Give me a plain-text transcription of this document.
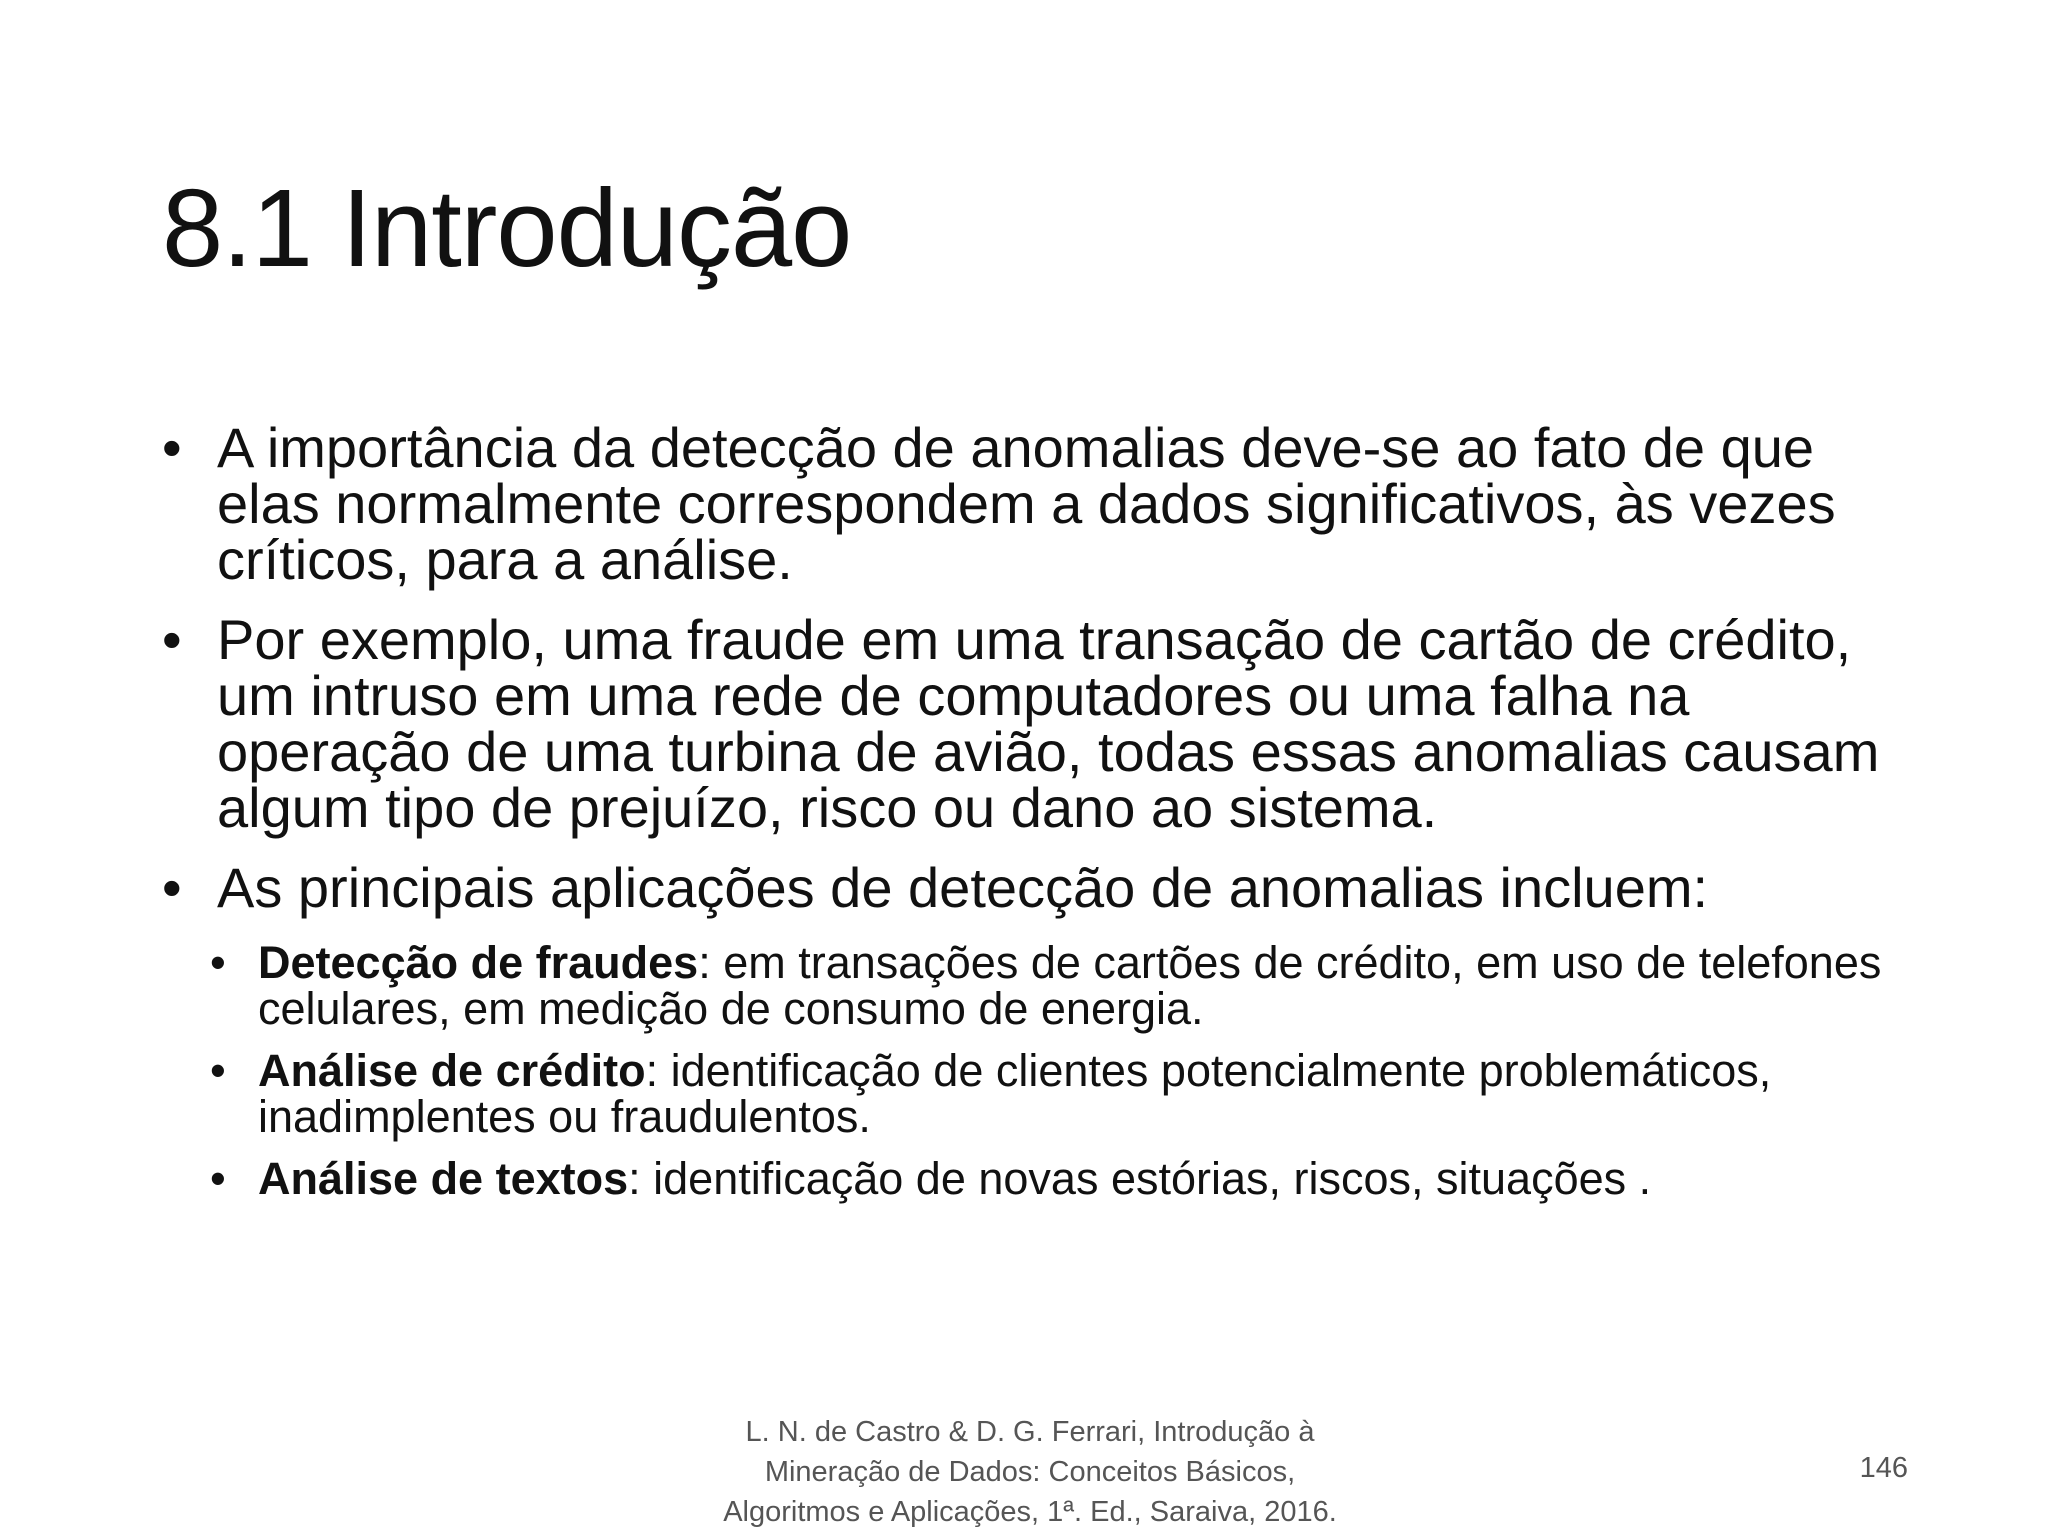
8.1 Introdução
• A importância da detecção de anomalias deve-se ao fato de que elas normalmente correspondem a dados significativos, às vezes críticos, para a análise.
• Por exemplo, uma fraude em uma transação de cartão de crédito, um intruso em uma rede de computadores ou uma falha na operação de uma turbina de avião, todas essas anomalias causam algum tipo de prejuízo, risco ou dano ao sistema.
• As principais aplicações de detecção de anomalias incluem:
• Detecção de fraudes: em transações de cartões de crédito, em uso de telefones celulares, em medição de consumo de energia.
• Análise de crédito: identificação de clientes potencialmente problemáticos, inadimplentes ou fraudulentos.
• Análise de textos: identificação de novas estórias, riscos, situações .
L. N. de Castro & D. G. Ferrari, Introdução à
Mineração de Dados: Conceitos Básicos,
Algoritmos e Aplicações, 1ª. Ed., Saraiva, 2016.
146
